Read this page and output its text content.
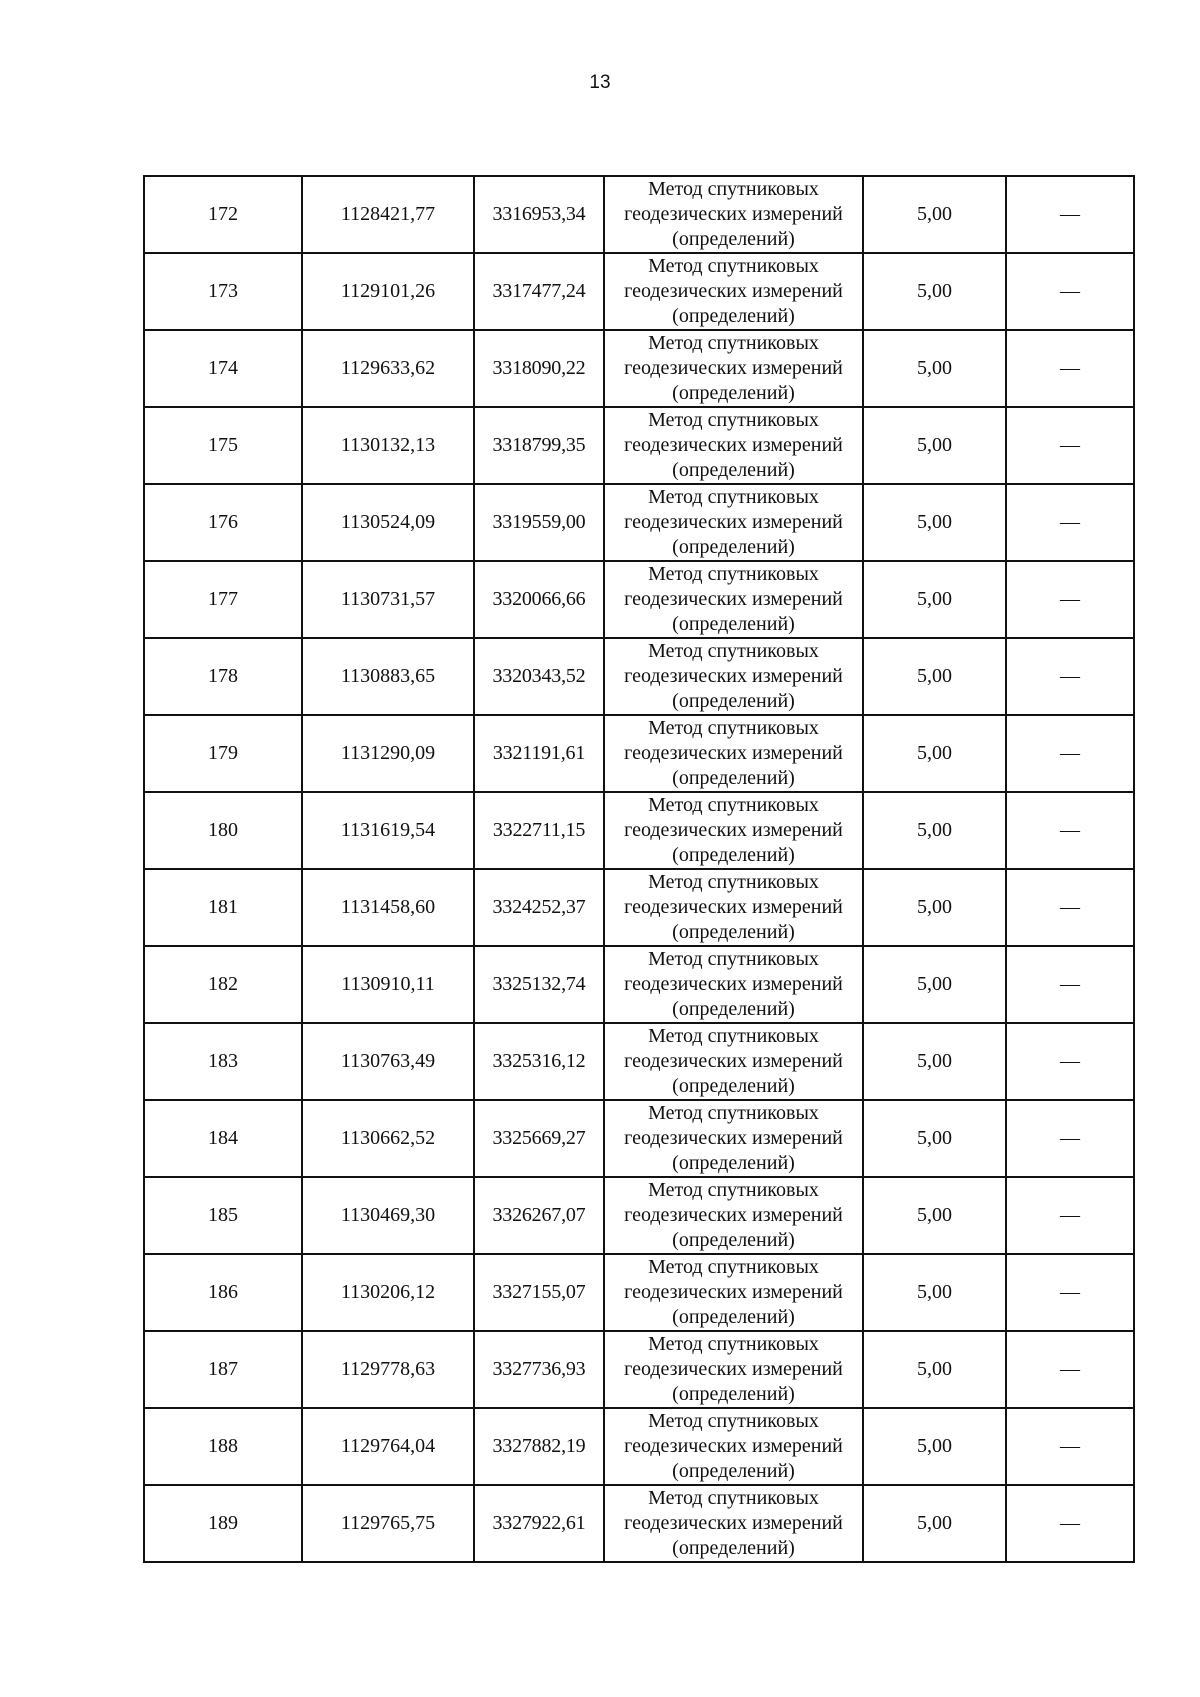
13
172	1128421,77	3316953,34	Метод спутниковых
геодезических измерений
(определений)	5,00	—
173	1129101,26	3317477,24	Метод спутниковых
геодезических измерений
(определений)	5,00	—
174	1129633,62	3318090,22	Метод спутниковых
геодезических измерений
(определений)	5,00	—
175	1130132,13	3318799,35	Метод спутниковых
геодезических измерений
(определений)	5,00	—
176	1130524,09	3319559,00	Метод спутниковых
геодезических измерений
(определений)	5,00	—
177	1130731,57	3320066,66	Метод спутниковых
геодезических измерений
(определений)	5,00	—
178	1130883,65	3320343,52	Метод спутниковых
геодезических измерений
(определений)	5,00	—
179	1131290,09	3321191,61	Метод спутниковых
геодезических измерений
(определений)	5,00	—
180	1131619,54	3322711,15	Метод спутниковых
геодезических измерений
(определений)	5,00	—
181	1131458,60	3324252,37	Метод спутниковых
геодезических измерений
(определений)	5,00	—
182	1130910,11	3325132,74	Метод спутниковых
геодезических измерений
(определений)	5,00	—
183	1130763,49	3325316,12	Метод спутниковых
геодезических измерений
(определений)	5,00	—
184	1130662,52	3325669,27	Метод спутниковых
геодезических измерений
(определений)	5,00	—
185	1130469,30	3326267,07	Метод спутниковых
геодезических измерений
(определений)	5,00	—
186	1130206,12	3327155,07	Метод спутниковых
геодезических измерений
(определений)	5,00	—
187	1129778,63	3327736,93	Метод спутниковых
геодезических измерений
(определений)	5,00	—
188	1129764,04	3327882,19	Метод спутниковых
геодезических измерений
(определений)	5,00	—
189	1129765,75	3327922,61	Метод спутниковых
геодезических измерений
(определений)	5,00	—
